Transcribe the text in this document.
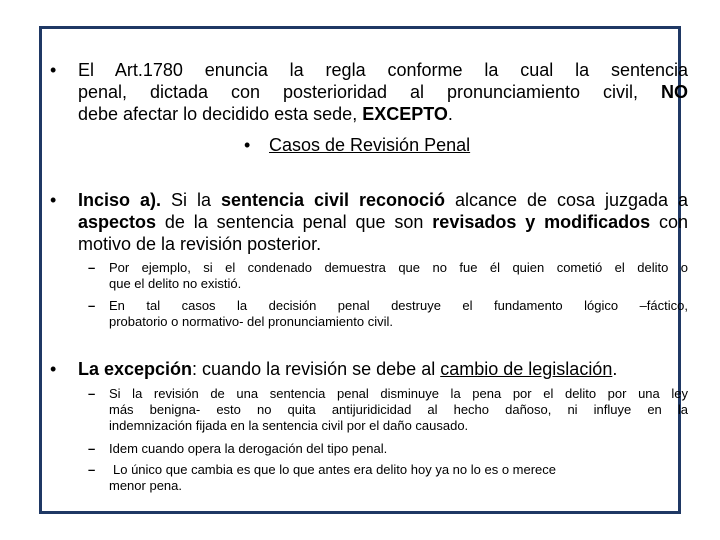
• El Art.1780 enuncia la regla conforme la cual la sentencia
penal, dictada con posterioridad al pronunciamiento civil, NO
debe afectar lo decidido esta sede, EXCEPTO.
• Casos de Revisión Penal
• Inciso a). Si la sentencia civil reconoció alcance de cosa juzgada a
aspectos de la sentencia penal que son revisados y modificados con
motivo de la revisión posterior.
– Por ejemplo, si el condenado demuestra que no fue él quien cometió el delito o
que el delito no existió.
– En tal casos la decisión penal destruye el fundamento lógico –fáctico,
probatorio o normativo- del pronunciamiento civil.
• La excepción: cuando la revisión se debe al cambio de legislación.
– Si la revisión de una sentencia penal disminuye la pena por el delito por una ley
más benigna- esto no quita antijuridicidad al hecho dañoso, ni influye en la
indemnización fijada en la sentencia civil por el daño causado.
– Idem cuando opera la derogación del tipo penal.
– Lo único que cambia es que lo que antes era delito hoy ya no lo es o merece
menor pena.
